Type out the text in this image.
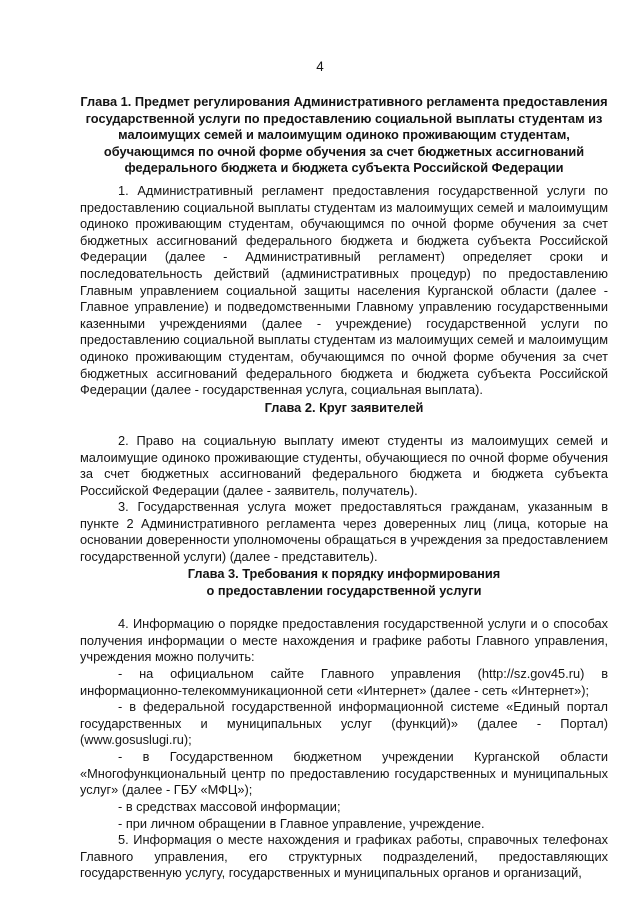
4
Глава 1. Предмет регулирования Административного регламента предоставления государственной услуги по предоставлению социальной выплаты студентам из малоимущих семей и малоимущим одиноко проживающим студентам, обучающимся по очной форме обучения за счет бюджетных ассигнований федерального бюджета и бюджета субъекта Российской Федерации

1. Административный регламент предоставления государственной услуги по предоставлению социальной выплаты студентам из малоимущих семей и малоимущим одиноко проживающим студентам, обучающимся по очной форме обучения за счет бюджетных ассигнований федерального бюджета и бюджета субъекта Российской Федерации (далее - Административный регламент) определяет сроки и последовательность действий (административных процедур) по предоставлению Главным управлением социальной защиты населения Курганской области (далее - Главное управление) и подведомственными Главному управлению государственными казенными учреждениями (далее - учреждение) государственной услуги по предоставлению социальной выплаты студентам из малоимущих семей и малоимущим одиноко проживающим студентам, обучающимся по очной форме обучения за счет бюджетных ассигнований федерального бюджета и бюджета субъекта Российской Федерации (далее - государственная услуга, социальная выплата).

Глава 2. Круг заявителей

2. Право на социальную выплату имеют студенты из малоимущих семей и малоимущие одиноко проживающие студенты, обучающиеся по очной форме обучения за счет бюджетных ассигнований федерального бюджета и бюджета субъекта Российской Федерации (далее - заявитель, получатель).

3. Государственная услуга может предоставляться гражданам, указанным в пункте 2 Административного регламента через доверенных лиц (лица, которые на основании доверенности уполномочены обращаться в учреждения за предоставлением государственной услуги) (далее - представитель).

Глава 3. Требования к порядку информирования
о предоставлении государственной услуги

4. Информацию о порядке предоставления государственной услуги и о способах получения информации о месте нахождения и графике работы Главного управления, учреждения можно получить:

- на официальном сайте Главного управления (http://sz.gov45.ru) в информационно-телекоммуникационной сети «Интернет» (далее - сеть «Интернет»);

- в федеральной государственной информационной системе «Единый портал государственных и муниципальных услуг (функций)» (далее - Портал) (www.gosuslugi.ru);

- в Государственном бюджетном учреждении Курганской области «Многофункциональный центр по предоставлению государственных и муниципальных услуг» (далее - ГБУ «МФЦ»);

- в средствах массовой информации;

- при личном обращении в Главное управление, учреждение.

5. Информация о месте нахождения и графиках работы, справочных телефонах Главного управления, его структурных подразделений, предоставляющих государственную услугу, государственных и муниципальных органов и организаций,
